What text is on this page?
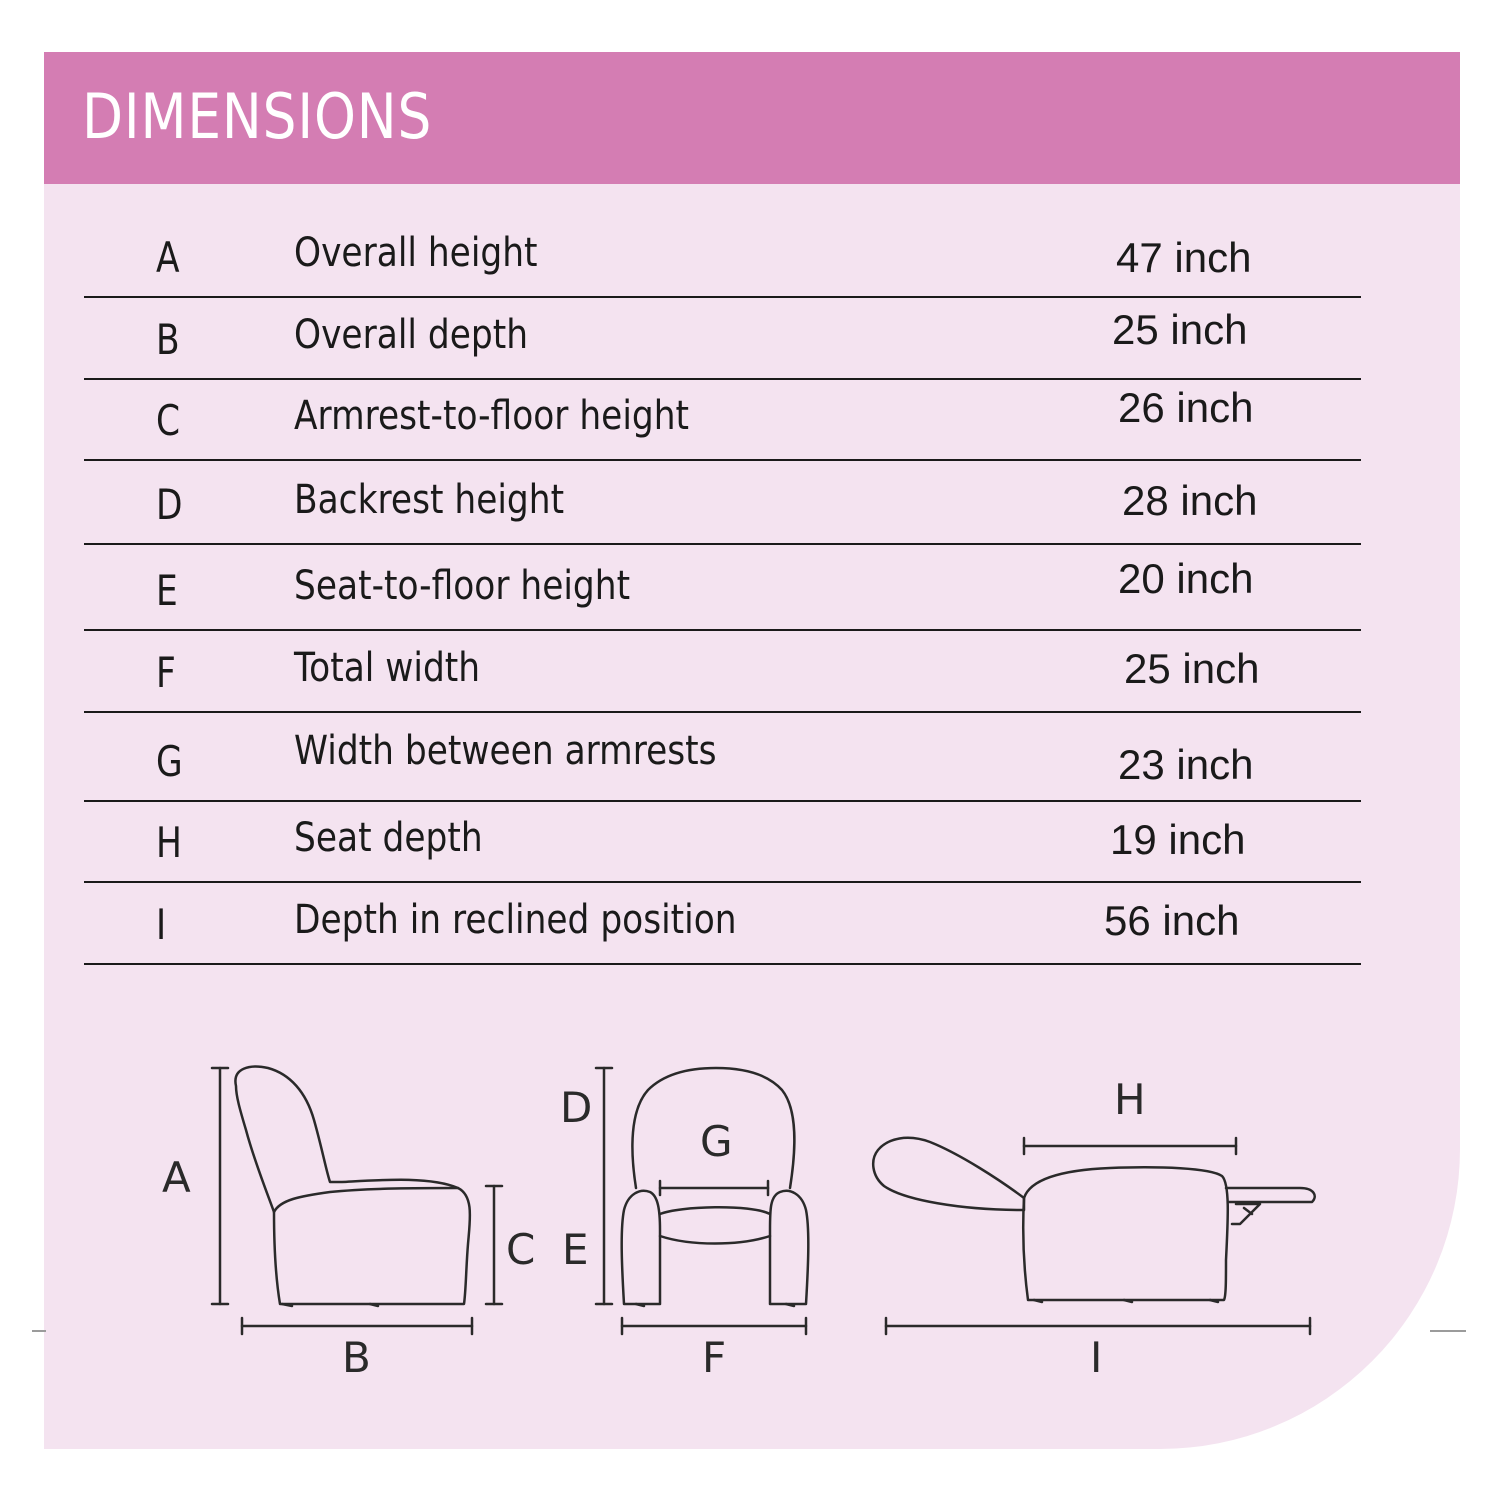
DIMENSIONS
A	Overall height	47 inch
B	Overall depth	25 inch
C	Armrest-to-floor height	26 inch
D	Backrest height	28 inch
E	Seat-to-floor height	20 inch
F	Total width	25 inch
G	Width between armrests	23 inch
H	Seat depth	19 inch
I	Depth in reclined position	56 inch
A
B
C
D
E
G
F
H
I
